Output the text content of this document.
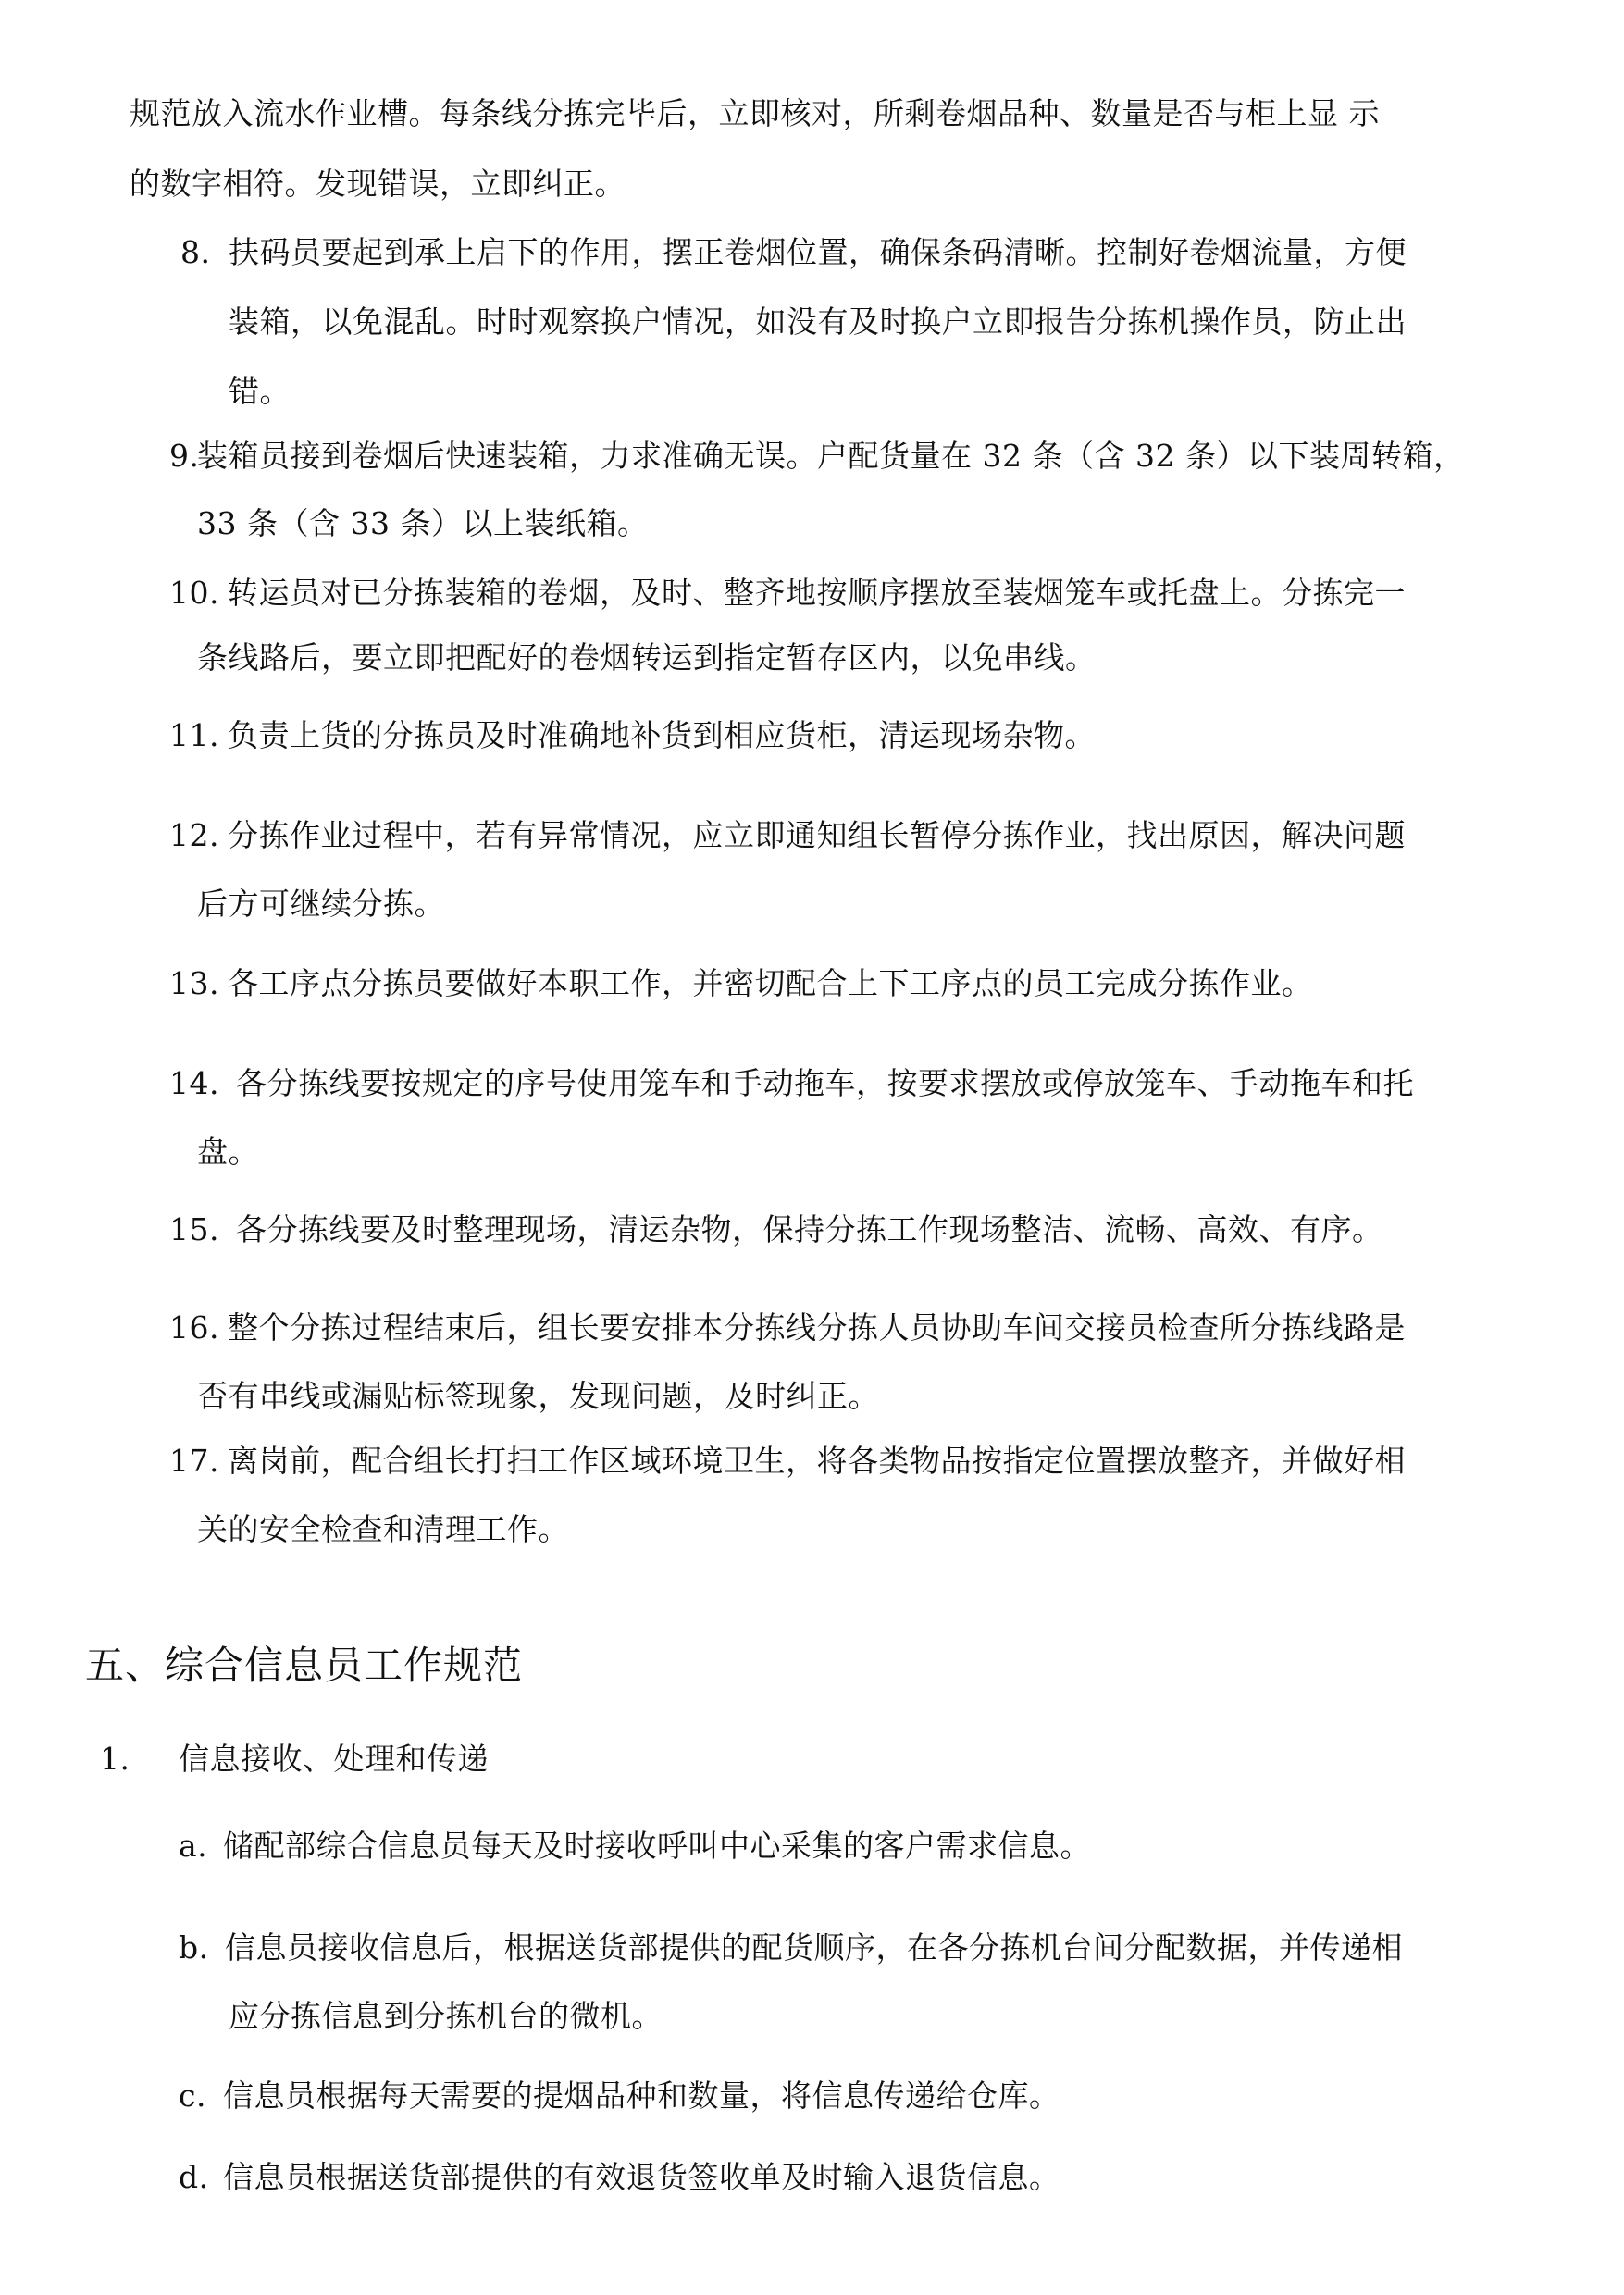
规范放入流水作业槽。每条线分拣完毕后，立即核对，所剩卷烟品种、数量是否与柜上显 示
的数字相符。发现错误，立即纠正。
8. 扶码员要起到承上启下的作用，摆正卷烟位置，确保条码清晰。控制好卷烟流量，方便
装箱，以免混乱。时时观察换户情况，如没有及时换户立即报告分拣机操作员，防止出
错。
9.
装箱员接到卷烟后快速装箱，力求准确无误。户配货量在 32 条（含 32 条）以下装周转箱，
33 条（含 33 条）以上装纸箱。
10. 转运员对已分拣装箱的卷烟，及时、整齐地按顺序摆放至装烟笼车或托盘上。分拣完一
条线路后，要立即把配好的卷烟转运到指定暂存区内，以免串线。
11. 负责上货的分拣员及时准确地补货到相应货柜，清运现场杂物。
12. 分拣作业过程中，若有异常情况，应立即通知组长暂停分拣作业，找出原因，解决问题
后方可继续分拣。
13. 各工序点分拣员要做好本职工作，并密切配合上下工序点的员工完成分拣作业。
14. 各分拣线要按规定的序号使用笼车和手动拖车，按要求摆放或停放笼车、手动拖车和托
盘。
15. 各分拣线要及时整理现场，清运杂物，保持分拣工作现场整洁、流畅、高效、有序。
16. 整个分拣过程结束后，组长要安排本分拣线分拣人员协助车间交接员检查所分拣线路是
否有串线或漏贴标签现象，发现问题，及时纠正。
17. 离岗前，配合组长打扫工作区域环境卫生，将各类物品按指定位置摆放整齐，并做好相
关的安全检查和清理工作。
五、综合信息员工作规范
1. 信息接收、处理和传递
a. 储配部综合信息员每天及时接收呼叫中心采集的客户需求信息。
b. 信息员接收信息后，根据送货部提供的配货顺序，在各分拣机台间分配数据，并传递相
应分拣信息到分拣机台的微机。
c. 信息员根据每天需要的提烟品种和数量，将信息传递给仓库。
d. 信息员根据送货部提供的有效退货签收单及时输入退货信息。
